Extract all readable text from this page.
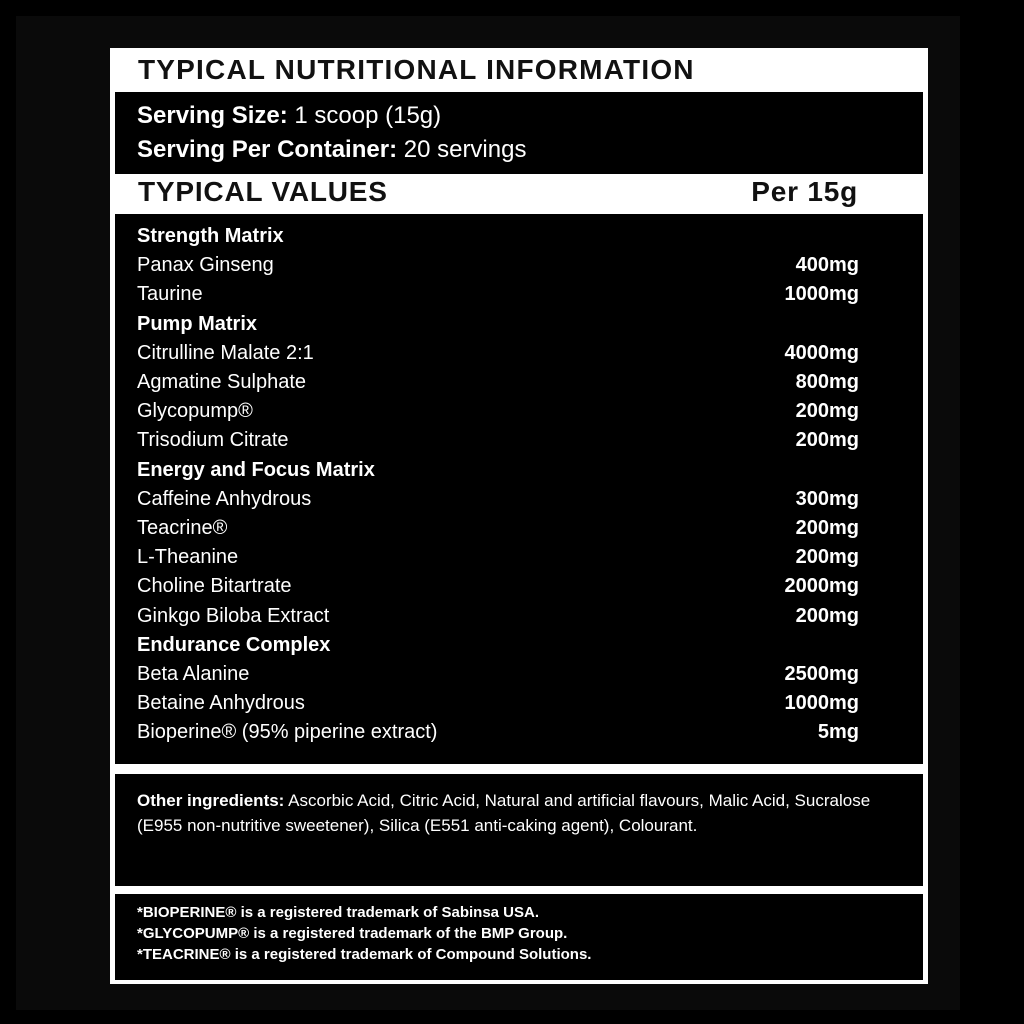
TYPICAL NUTRITIONAL INFORMATION
Serving Size: 1 scoop (15g)
Serving Per Container: 20 servings
TYPICAL VALUES	Per 15g
Strength Matrix
Panax Ginseng	400mg
Taurine	1000mg
Pump Matrix
Citrulline Malate 2:1	4000mg
Agmatine Sulphate	800mg
Glycopump®	200mg
Trisodium Citrate	200mg
Energy and Focus Matrix
Caffeine Anhydrous	300mg
Teacrine®	200mg
L-Theanine	200mg
Choline Bitartrate	2000mg
Ginkgo Biloba Extract	200mg
Endurance Complex
Beta Alanine	2500mg
Betaine Anhydrous	1000mg
Bioperine® (95% piperine extract)	5mg
Other ingredients: Ascorbic Acid, Citric Acid, Natural and artificial flavours, Malic Acid, Sucralose (E955 non-nutritive sweetener), Silica (E551 anti-caking agent), Colourant.
*BIOPERINE® is a registered trademark of Sabinsa USA.
*GLYCOPUMP® is a registered trademark of the BMP Group.
*TEACRINE® is a registered trademark of Compound Solutions.
